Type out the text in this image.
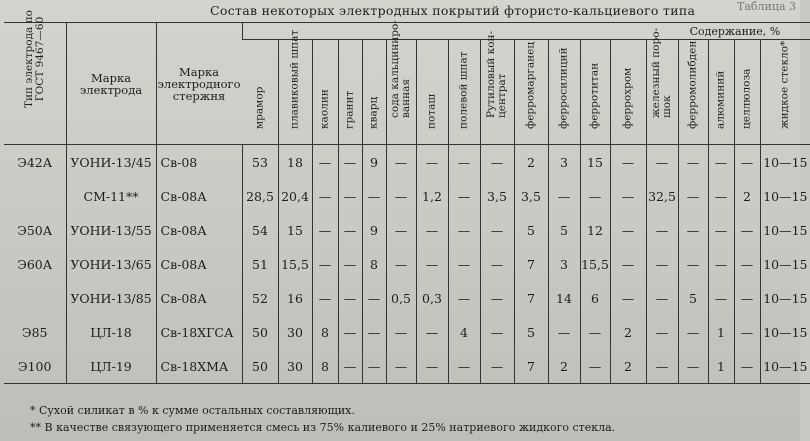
Состав некоторых электродных покрытий фтористо-кальциевого типа	Таблица 3
Тип электрода по ГОСТ 9467—60	Марка электрода	Марка электродного стержня	Содержание, %																	

			мрамор	плавиковый шпат	каолин	гранит	кварц	сода кальциниро-ванная	поташ	полевой шпат	Рутиловый кон-центрат	ферромарганец	ферросилиций	ферротитан	феррохром	железный поро-шок	ферромолибден	алюминий	целлюлоза	жидкое стекло*

Э42А	УОНИ-13/45	Св-08	53	18	—	—	9	—	—	—	—	2	3	15	—	—	—	—	—	10—15
	СМ-11**	Св-08А	28,5	20,4	—	—	—	—	1,2	—	3,5	3,5	—	—	—	32,5	—	—	2	10—15
Э50А	УОНИ-13/55	Св-08А	54	15	—	—	9	—	—	—	—	5	5	12	—	—	—	—	—	10—15
Э60А	УОНИ-13/65	Св-08А	51	15,5	—	—	8	—	—	—	—	7	3	15,5	—	—	—	—	—	10—15
	УОНИ-13/85	Св-08А	52	16	—	—	—	0,5	0,3	—	—	7	14	6	—	—	5	—	—	10—15
Э85	ЦЛ-18	Св-18ХГСА	50	30	8	—	—	—	—	4	—	5	—	—	2	—	—	1	—	10—15
Э100	ЦЛ-19	Св-18ХМА	50	30	8	—	—	—	—	—	—	7	2	—	2	—	—	1	—	10—15
* Сухой силикат в % к сумме остальных составляющих.
** В качестве связующего применяется смесь из 75% калиевого и 25% натриевого жидкого стекла.
